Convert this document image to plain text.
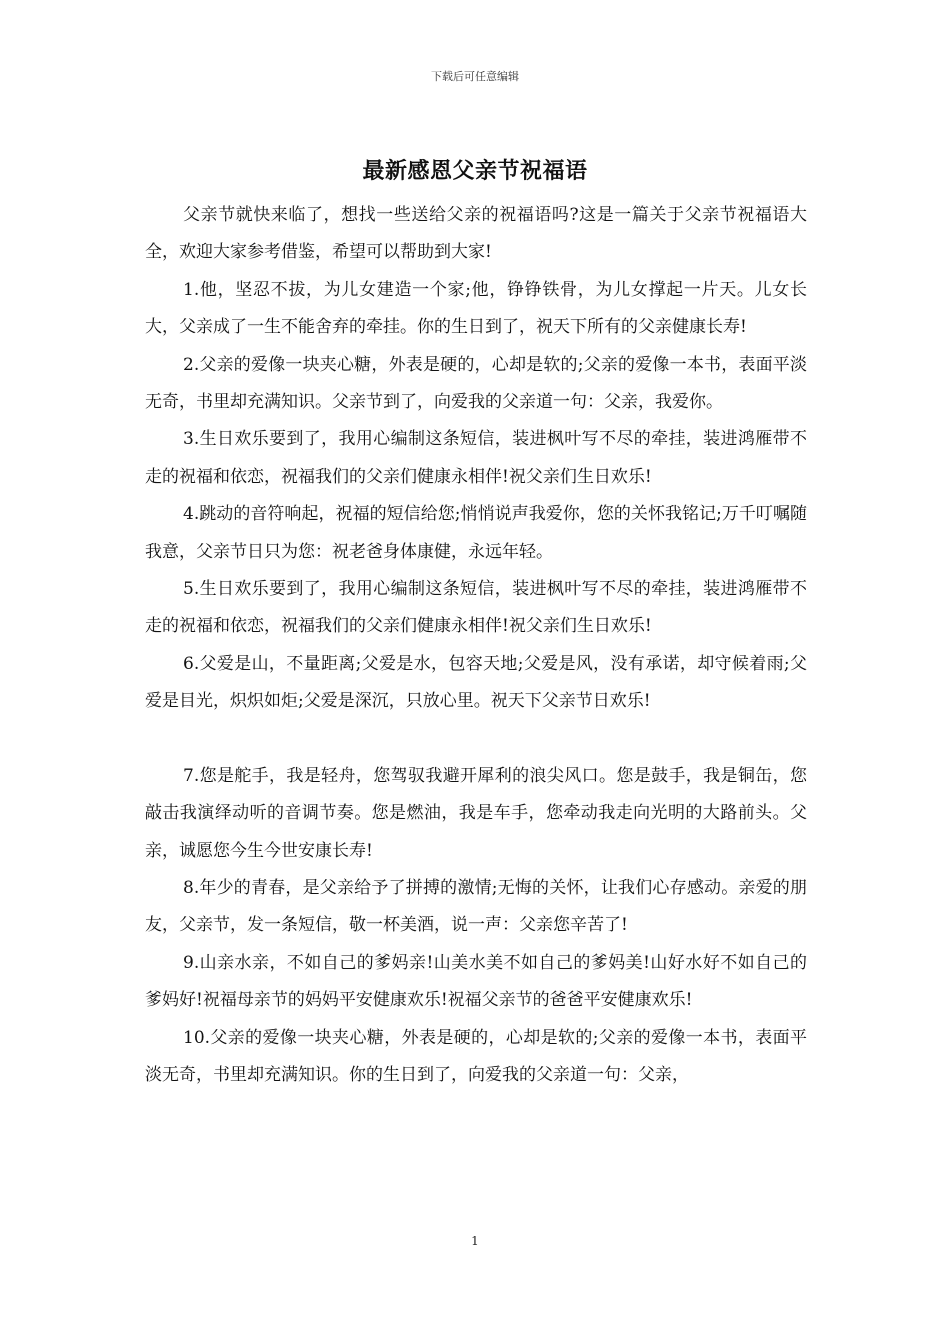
下载后可任意编辑
最新感恩父亲节祝福语

父亲节就快来临了，想找一些送给父亲的祝福语吗?这是一篇关于父亲节祝福语大全，欢迎大家参考借鉴，希望可以帮助到大家!

1.他，坚忍不拔，为儿女建造一个家;他，铮铮铁骨，为儿女撑起一片天。儿女长大，父亲成了一生不能舍弃的牵挂。你的生日到了，祝天下所有的父亲健康长寿!

2.父亲的爱像一块夹心糖，外表是硬的，心却是软的;父亲的爱像一本书，表面平淡无奇，书里却充满知识。父亲节到了，向爱我的父亲道一句：父亲，我爱你。

3.生日欢乐要到了，我用心编制这条短信，装进枫叶写不尽的牵挂，装进鸿雁带不走的祝福和依恋，祝福我们的父亲们健康永相伴!祝父亲们生日欢乐!

4.跳动的音符响起，祝福的短信给您;悄悄说声我爱你，您的关怀我铭记;万千叮嘱随我意，父亲节日只为您：祝老爸身体康健，永远年轻。

5.生日欢乐要到了，我用心编制这条短信，装进枫叶写不尽的牵挂，装进鸿雁带不走的祝福和依恋，祝福我们的父亲们健康永相伴!祝父亲们生日欢乐!

6.父爱是山，不量距离;父爱是水，包容天地;父爱是风，没有承诺，却守候着雨;父爱是目光，炽炽如炬;父爱是深沉，只放心里。祝天下父亲节日欢乐!

7.您是舵手，我是轻舟，您驾驭我避开犀利的浪尖风口。您是鼓手，我是铜缶，您敲击我演绎动听的音调节奏。您是燃油，我是车手，您牵动我走向光明的大路前头。父亲，诚愿您今生今世安康长寿!

8.年少的青春，是父亲给予了拼搏的激情;无悔的关怀，让我们心存感动。亲爱的朋友，父亲节，发一条短信，敬一杯美酒，说一声：父亲您辛苦了!

9.山亲水亲，不如自己的爹妈亲!山美水美不如自己的爹妈美!山好水好不如自己的爹妈好!祝福母亲节的妈妈平安健康欢乐!祝福父亲节的爸爸平安健康欢乐!

10.父亲的爱像一块夹心糖，外表是硬的，心却是软的;父亲的爱像一本书，表面平淡无奇，书里却充满知识。你的生日到了，向爱我的父亲道一句：父亲，

1
